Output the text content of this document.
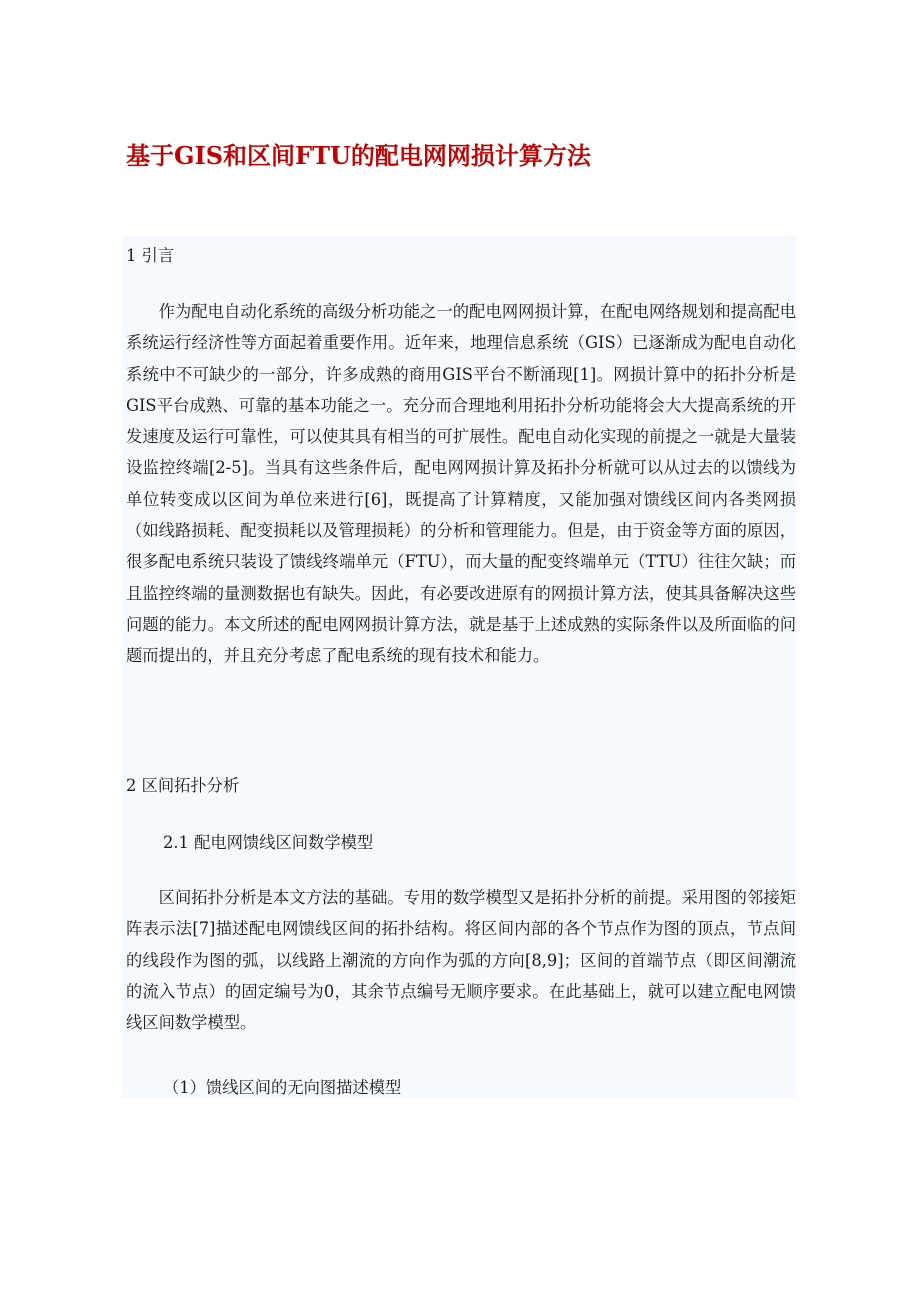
基于GIS和区间FTU的配电网网损计算方法
1 引言
作为配电自动化系统的高级分析功能之一的配电网网损计算，在配电网络规划和提高配电系统运行经济性等方面起着重要作用。近年来，地理信息系统（GIS）已逐渐成为配电自动化系统中不可缺少的一部分，许多成熟的商用GIS平台不断涌现[1]。网损计算中的拓扑分析是GIS平台成熟、可靠的基本功能之一。充分而合理地利用拓扑分析功能将会大大提高系统的开发速度及运行可靠性，可以使其具有相当的可扩展性。配电自动化实现的前提之一就是大量装设监控终端[2-5]。当具有这些条件后，配电网网损计算及拓扑分析就可以从过去的以馈线为单位转变成以区间为单位来进行[6]，既提高了计算精度，又能加强对馈线区间内各类网损（如线路损耗、配变损耗以及管理损耗）的分析和管理能力。但是，由于资金等方面的原因，很多配电系统只装设了馈线终端单元（FTU），而大量的配变终端单元（TTU）往往欠缺；而且监控终端的量测数据也有缺失。因此，有必要改进原有的网损计算方法，使其具备解决这些问题的能力。本文所述的配电网网损计算方法，就是基于上述成熟的实际条件以及所面临的问题而提出的，并且充分考虑了配电系统的现有技术和能力。
2 区间拓扑分析
2.1 配电网馈线区间数学模型
区间拓扑分析是本文方法的基础。专用的数学模型又是拓扑分析的前提。采用图的邻接矩阵表示法[7]描述配电网馈线区间的拓扑结构。将区间内部的各个节点作为图的顶点，节点间的线段作为图的弧，以线路上潮流的方向作为弧的方向[8,9]；区间的首端节点（即区间潮流的流入节点）的固定编号为0，其余节点编号无顺序要求。在此基础上，就可以建立配电网馈线区间数学模型。
（1）馈线区间的无向图描述模型
